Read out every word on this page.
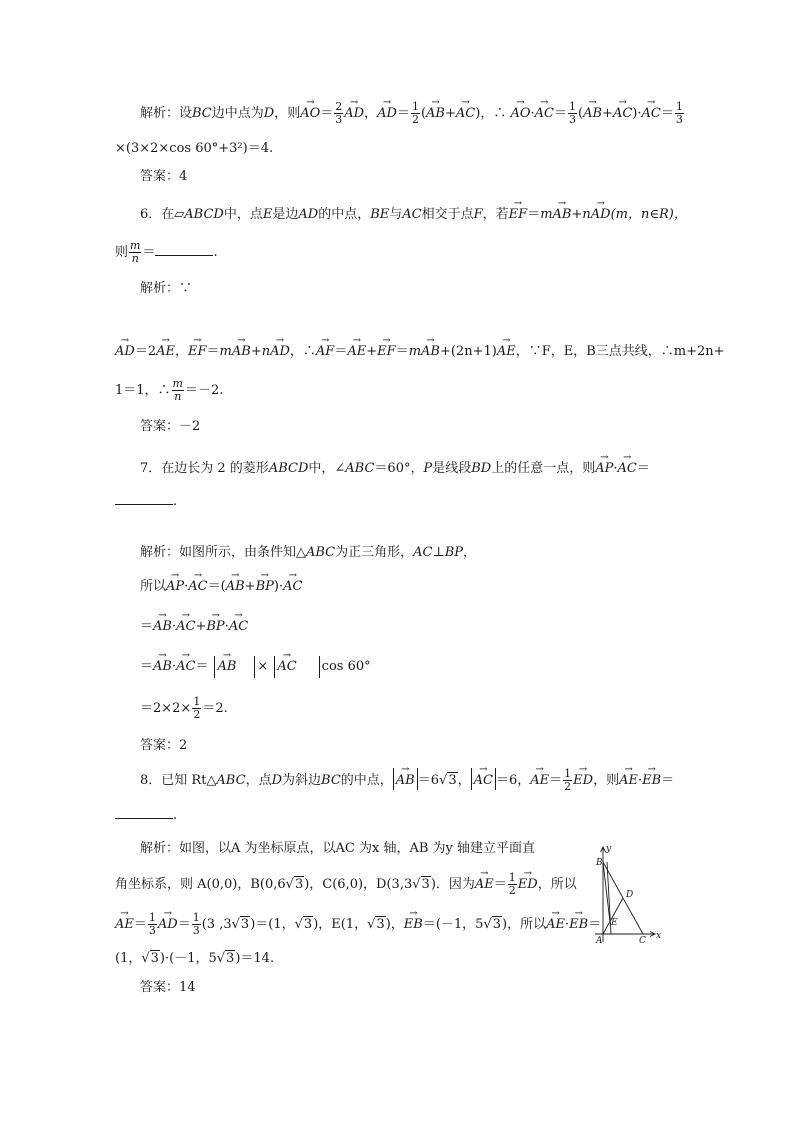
解析：设BC边中点为D，则→ $AO= \frac{2}{3}$
→ AD，→ $AD= \frac{1}{2}$ (→ AB+→ AC)，∴ → $AO\cdot\to AC= \frac{1}{3}$ (→ $AB+\to AC)\cdot\to AC= \frac{1}{3}$
×(3×2×cos 60°+3²)＝4.
答案：4
6．在▱ABCD中，点E是边AD的中点，BE与AC相交于点F，若→ EF＝m→ AB+n→ AD(m，n∈R)，
则 $\frac{m}{n}$ ＝	.
解析：∵
→ AD＝2→ AE，→ EF＝m→ AB+n→ AD，∴→ AF＝→ AE+→ EF＝m→ AB+(2n+1)→ AE，∵F，E，B三点共线，∴m+2n+
1＝1，∴ $\frac{m}{n} =-2$.
答案：－2
7．在边长为 2 的菱形ABCD中，∠ABC＝60°，P是线段BD上的任意一点，则→ AP·→ AC＝
.
解析：如图所示，由条件知△ABC为正三角形，AC⊥BP，
所以→ AP·→ AC＝(→ AB+→ BP)·→ AC
＝→ AB·→ AC+→ BP·→ AC
＝→ AB·→ AC＝→ AB ×→ AC cos 60°
$=2\times 2\times \frac{1}{2} =2$.
答案：2
8．已知 Rt△ABC，点D为斜边BC的中点，→ AB ＝6√3，→ AC ＝6，→ $AE= \frac{1}{2}$
→ ED，则→ AE·→ EB＝
.
解析：如图，以A 为坐标原点，以AC 为x 轴，AB 为y 轴建立平面直
角坐标系，则 A(0,0)，B(0,6√3)，C(6,0)，D(3,3√3)．因为→ $AE= \frac{1}{2}$
→ ED，所以
→ $AE= \frac{1}{3}$
→ $AD= \frac{1}{3} (3$ ,3√3)＝(1，√3)，E(1，√3)，→ EB＝(－1，5√3)，所以→ AE·→ EB＝
(1，√3)·(－1，5√3)＝14.
答案：14
y
x
B
D
E
A	C
